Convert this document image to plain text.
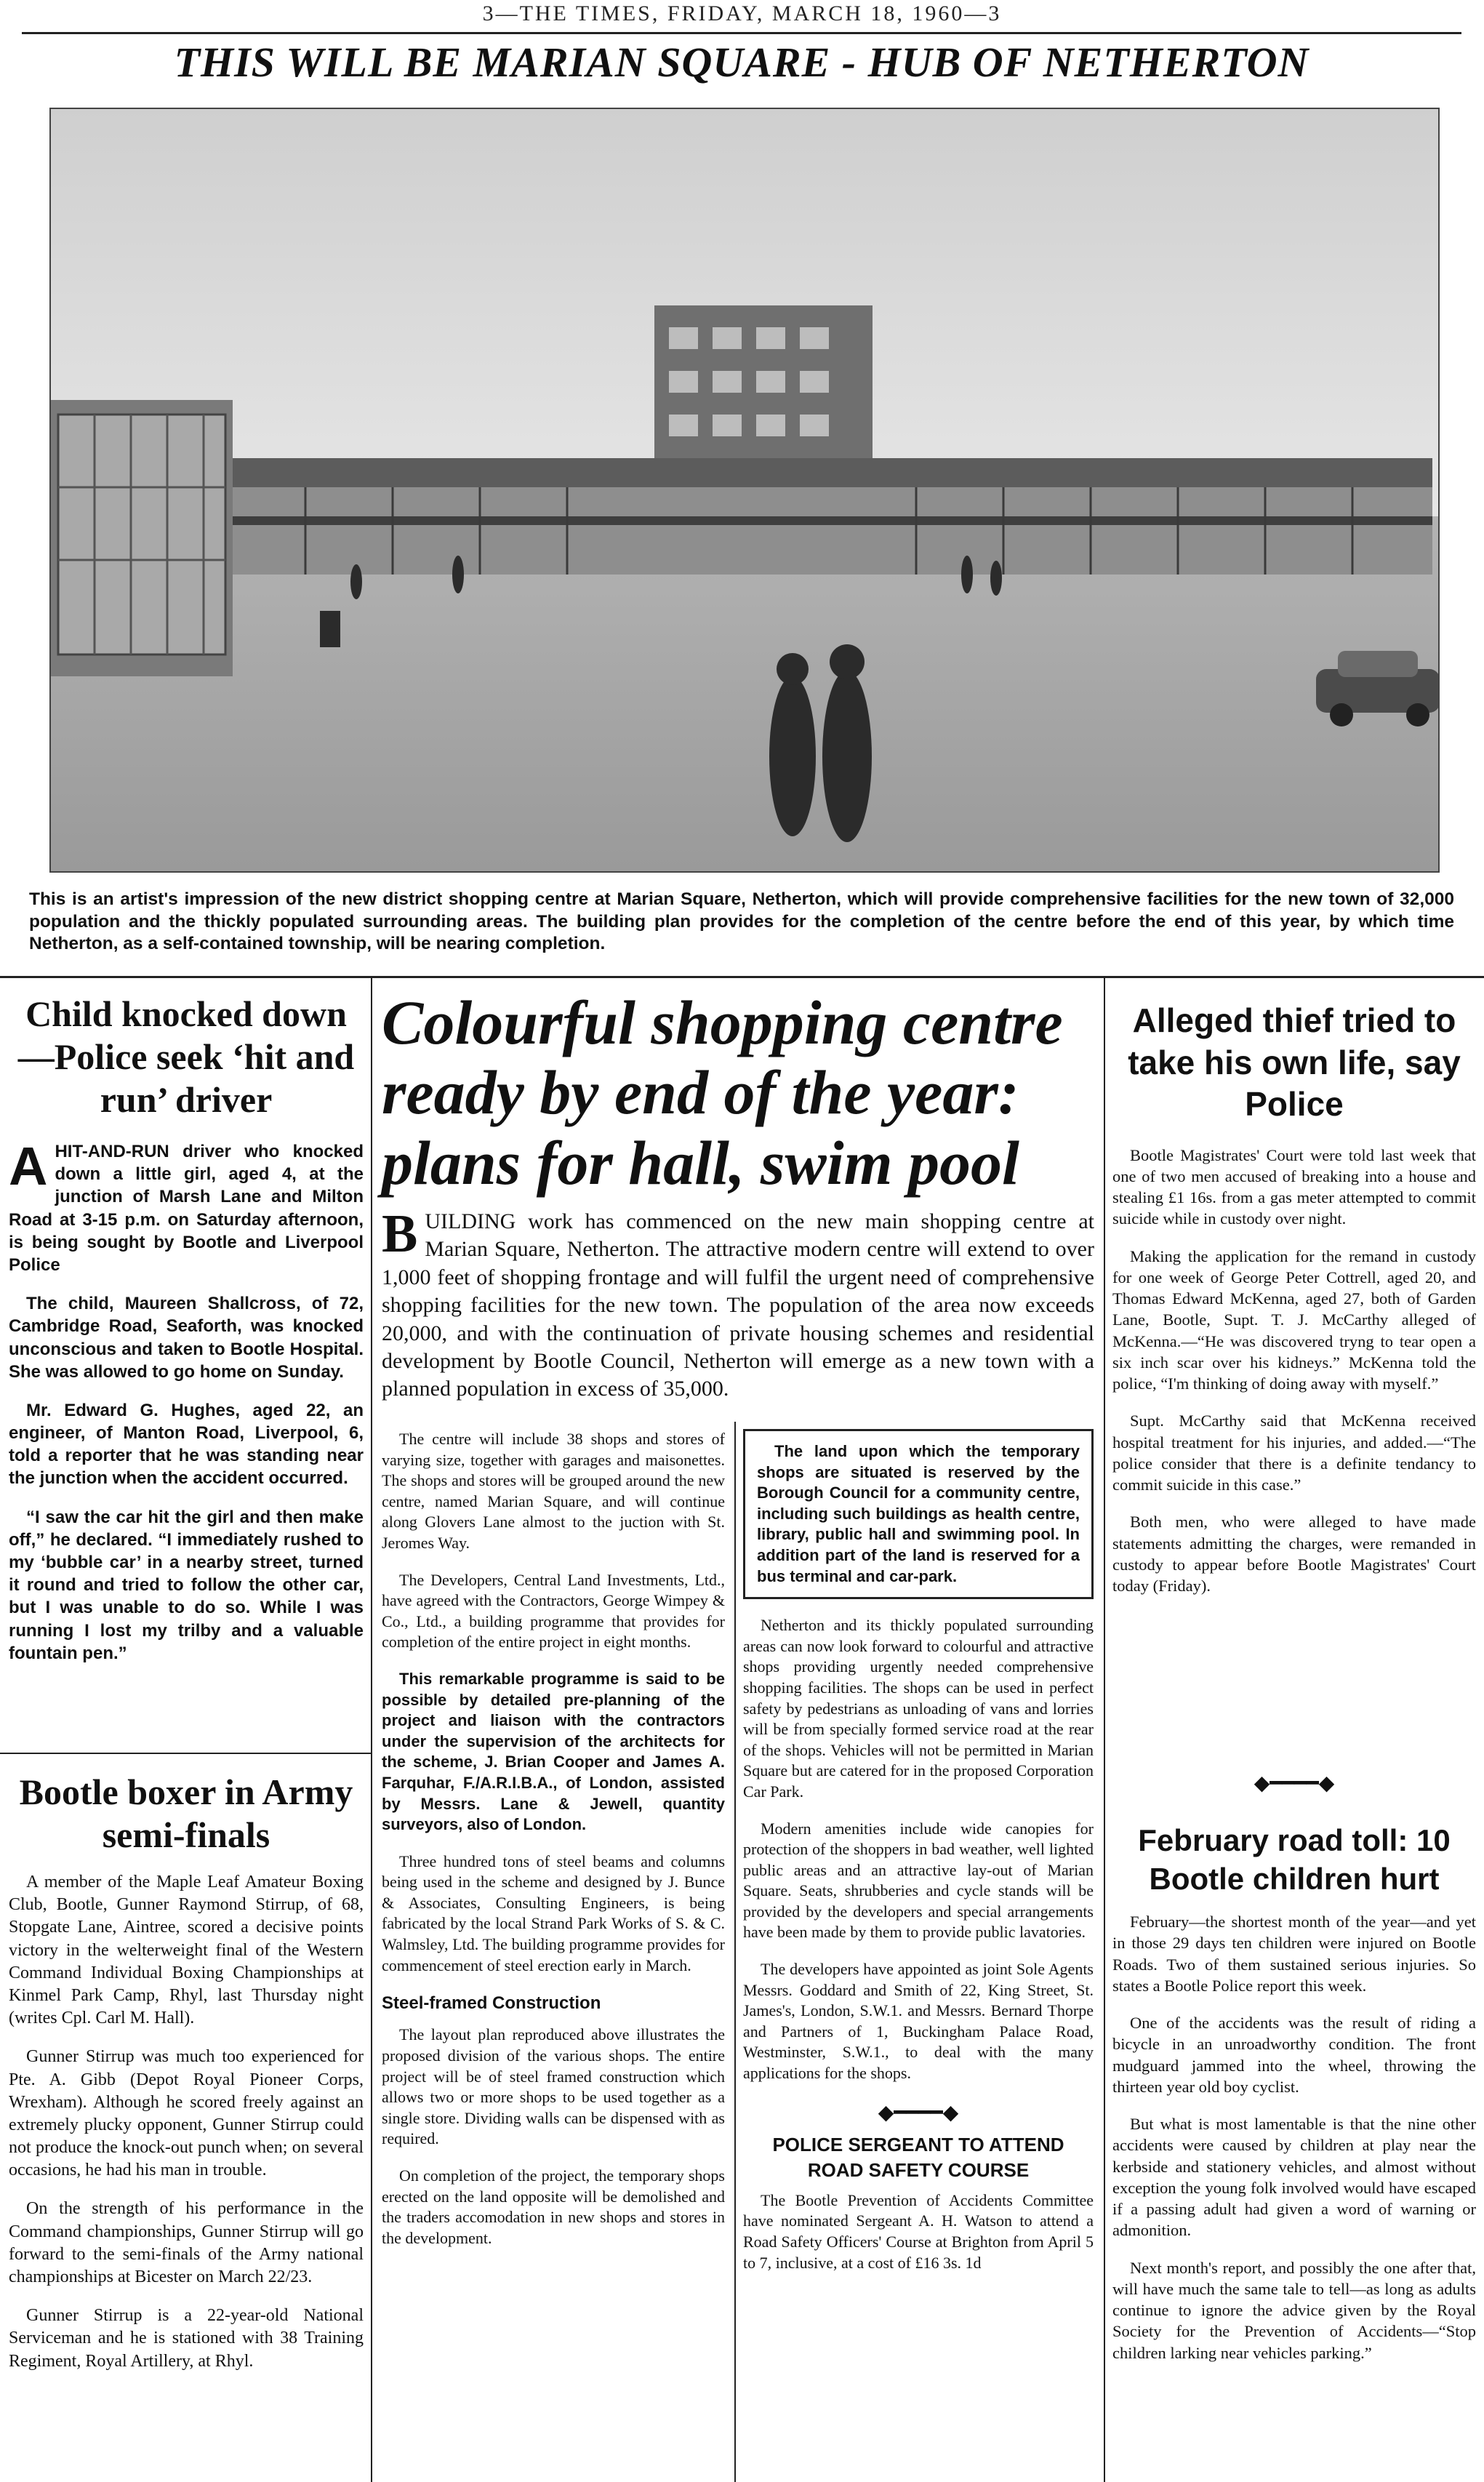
3—THE TIMES, FRIDAY, MARCH 18, 1960—3
THIS WILL BE MARIAN SQUARE - HUB OF NETHERTON
This is an artist's impression of the new district shopping centre at Marian Square, Netherton, which will provide comprehensive facilities for the new town of 32,000 population and the thickly populated surrounding areas. The building plan provides for the completion of the centre before the end of this year, by which time Netherton, as a self-contained township, will be nearing completion.
Child knocked down —Police seek ‘hit and run’ driver

AHIT-AND-RUN driver who knocked down a little girl, aged 4, at the junction of Marsh Lane and Milton Road at 3-15 p.m. on Saturday afternoon, is being sought by Bootle and Liverpool Police

The child, Maureen Shallcross, of 72, Cambridge Road, Seaforth, was knocked unconscious and taken to Bootle Hospital. She was allowed to go home on Sunday.

Mr. Edward G. Hughes, aged 22, an engineer, of Manton Road, Liverpool, 6, told a reporter that he was standing near the junction when the accident occurred.

“I saw the car hit the girl and then make off,” he declared. “I immediately rushed to my ‘bubble car’ in a nearby street, turned it round and tried to follow the other car, but I was unable to do so. While I was running I lost my trilby and a valuable fountain pen.”

Bootle boxer in Army semi-finals

A member of the Maple Leaf Amateur Boxing Club, Bootle, Gunner Raymond Stirrup, of 68, Stopgate Lane, Aintree, scored a decisive points victory in the welterweight final of the Western Command Individual Boxing Championships at Kinmel Park Camp, Rhyl, last Thursday night (writes Cpl. Carl M. Hall).

Gunner Stirrup was much too experienced for Pte. A. Gibb (Depot Royal Pioneer Corps, Wrexham). Although he scored freely against an extremely plucky opponent, Gunner Stirrup could not produce the knock-out punch when; on several occasions, he had his man in trouble.

On the strength of his performance in the Command championships, Gunner Stirrup will go forward to the semi-finals of the Army national championships at Bicester on March 22/23.

Gunner Stirrup is a 22-year-old National Serviceman and he is stationed with 38 Training Regiment, Royal Artillery, at Rhyl.

Colourful shopping centre ready by end of the year: plans for hall, swim pool

BUILDING work has commenced on the new main shopping centre at Marian Square, Netherton. The attractive modern centre will extend to over 1,000 feet of shopping frontage and will fulfil the urgent need of comprehensive shopping facilities for the new town. The population of the area now exceeds 20,000, and with the continuation of private housing schemes and residential development by Bootle Council, Netherton will emerge as a new town with a planned population in excess of 35,000.

The centre will include 38 shops and stores of varying size, together with garages and maisonettes. The shops and stores will be grouped around the new centre, named Marian Square, and will continue along Glovers Lane almost to the juction with St. Jeromes Way.

The Developers, Central Land Investments, Ltd., have agreed with the Contractors, George Wimpey & Co., Ltd., a building programme that provides for completion of the entire project in eight months.

This remarkable programme is said to be possible by detailed pre-planning of the project and liaison with the contractors under the supervision of the architects for the scheme, J. Brian Cooper and James A. Farquhar, F./A.R.I.B.A., of London, assisted by Messrs. Lane & Jewell, quantity surveyors, also of London.

Three hundred tons of steel beams and columns being used in the scheme and designed by J. Bunce & Associates, Consulting Engineers, is being fabricated by the local Strand Park Works of S. & C. Walmsley, Ltd. The building programme provides for commencement of steel erection early in March.

Steel-framed Construction

The layout plan reproduced above illustrates the proposed division of the various shops. The entire project will be of steel framed construction which allows two or more shops to be used together as a single store. Dividing walls can be dispensed with as required.

On completion of the project, the temporary shops erected on the land opposite will be demolished and the traders accomodation in new shops and stores in the development.

The land upon which the temporary shops are situated is reserved by the Borough Council for a community centre, including such buildings as health centre, library, public hall and swimming pool. In addition part of the land is reserved for a bus terminal and car-park.

Netherton and its thickly populated surrounding areas can now look forward to colourful and attractive shops providing urgently needed comprehensive shopping facilities. The shops can be used in perfect safety by pedestrians as unloading of vans and lorries will be from specially formed service road at the rear of the shops. Vehicles will not be permitted in Marian Square but are catered for in the proposed Corporation Car Park.

Modern amenities include wide canopies for protection of the shoppers in bad weather, well lighted public areas and an attractive lay-out of Marian Square. Seats, shrubberies and cycle stands will be provided by the developers and special arrangements have been made by them to provide public lavatories.

The developers have appointed as joint Sole Agents Messrs. Goddard and Smith of 22, King Street, St. James's, London, S.W.1. and Messrs. Bernard Thorpe and Partners of 1, Buckingham Palace Road, Westminster, S.W.1., to deal with the many applications for the shops.

◆━━━━◆
POLICE SERGEANT TO ATTEND ROAD SAFETY COURSE

The Bootle Prevention of Accidents Committee have nominated Sergeant A. H. Watson to attend a Road Safety Officers' Course at Brighton from April 5 to 7, inclusive, at a cost of £16 3s. 1d

Alleged thief tried to take his own life, say Police

Bootle Magistrates' Court were told last week that one of two men accused of breaking into a house and stealing £1 16s. from a gas meter attempted to commit suicide while in custody over night.

Making the application for the remand in custody for one week of George Peter Cottrell, aged 20, and Thomas Edward McKenna, aged 27, both of Garden Lane, Bootle, Supt. T. J. McCarthy alleged of McKenna.—“He was discovered tryng to tear open a six inch scar over his kidneys.” McKenna told the police, “I'm thinking of doing away with myself.”

Supt. McCarthy said that McKenna received hospital treatment for his injuries, and added.—“The police consider that there is a definite tendancy to commit suicide in this case.”

Both men, who were alleged to have made statements admitting the charges, were remanded in custody to appear before Bootle Magistrates' Court today (Friday).

◆━━━━◆
February road toll: 10 Bootle children hurt

February—the shortest month of the year—and yet in those 29 days ten children were injured on Bootle Roads. Two of them sustained serious injuries. So states a Bootle Police report this week.

One of the accidents was the result of riding a bicycle in an unroadworthy condition. The front mudguard jammed into the wheel, throwing the thirteen year old boy cyclist.

But what is most lamentable is that the nine other accidents were caused by children at play near the kerbside and stationery vehicles, and almost without exception the young folk involved would have escaped if a passing adult had given a word of warning or admonition.

Next month's report, and possibly the one after that, will have much the same tale to tell—as long as adults continue to ignore the advice given by the Royal Society for the Prevention of Accidents—“Stop children larking near vehicles parking.”
